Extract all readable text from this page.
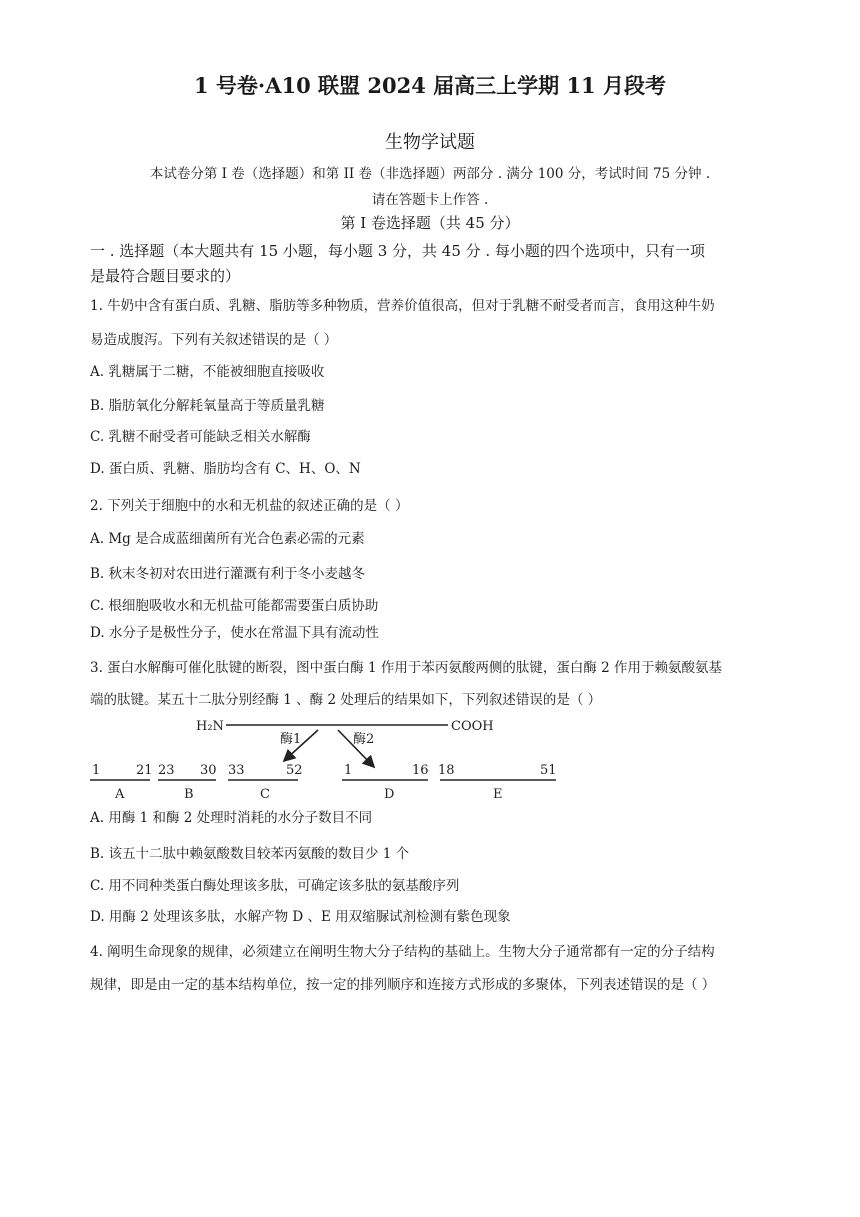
1 号卷·A10 联盟 2024 届高三上学期 11 月段考
生物学试题
本试卷分第 I 卷（选择题）和第 II 卷（非选择题）两部分 . 满分 100 分，考试时间 75 分钟 .
请在答题卡上作答 .
第 I 卷选择题（共 45 分）
一 . 选择题（本大题共有 15 小题，每小题 3 分，共 45 分 . 每小题的四个选项中，只有一项
是最符合题目要求的）
1. 牛奶中含有蛋白质、乳糖、脂肪等多种物质，营养价值很高，但对于乳糖不耐受者而言，食用这种牛奶
易造成腹泻。下列有关叙述错误的是（ ）
A. 乳糖属于二糖，不能被细胞直接吸收
B. 脂肪氧化分解耗氧量高于等质量乳糖
C. 乳糖不耐受者可能缺乏相关水解酶
D. 蛋白质、乳糖、脂肪均含有 C、H、O、N
2. 下列关于细胞中的水和无机盐的叙述正确的是（ ）
A. Mg 是合成蓝细菌所有光合色素必需的元素
B. 秋末冬初对农田进行灌溉有利于冬小麦越冬
C. 根细胞吸收水和无机盐可能都需要蛋白质协助
D. 水分子是极性分子，使水在常温下具有流动性
3. 蛋白水解酶可催化肽键的断裂，图中蛋白酶 1 作用于苯丙氨酸两侧的肽键，蛋白酶 2 作用于赖氨酸氨基
端的肽键。某五十二肽分别经酶 1 、酶 2 处理后的结果如下，下列叙述错误的是（ ）
H₂N	COOH
酶1	酶2
1	21
A
23 30
B
33	52
C
1	16
D
18	51
E
A. 用酶 1 和酶 2 处理时消耗的水分子数目不同
B. 该五十二肽中赖氨酸数目较苯丙氨酸的数目少 1 个
C. 用不同种类蛋白酶处理该多肽，可确定该多肽的氨基酸序列
D. 用酶 2 处理该多肽，水解产物 D 、E 用双缩脲试剂检测有紫色现象
4. 阐明生命现象的规律，必须建立在阐明生物大分子结构的基础上。生物大分子通常都有一定的分子结构
规律，即是由一定的基本结构单位，按一定的排列顺序和连接方式形成的多聚体，下列表述错误的是（ ）
